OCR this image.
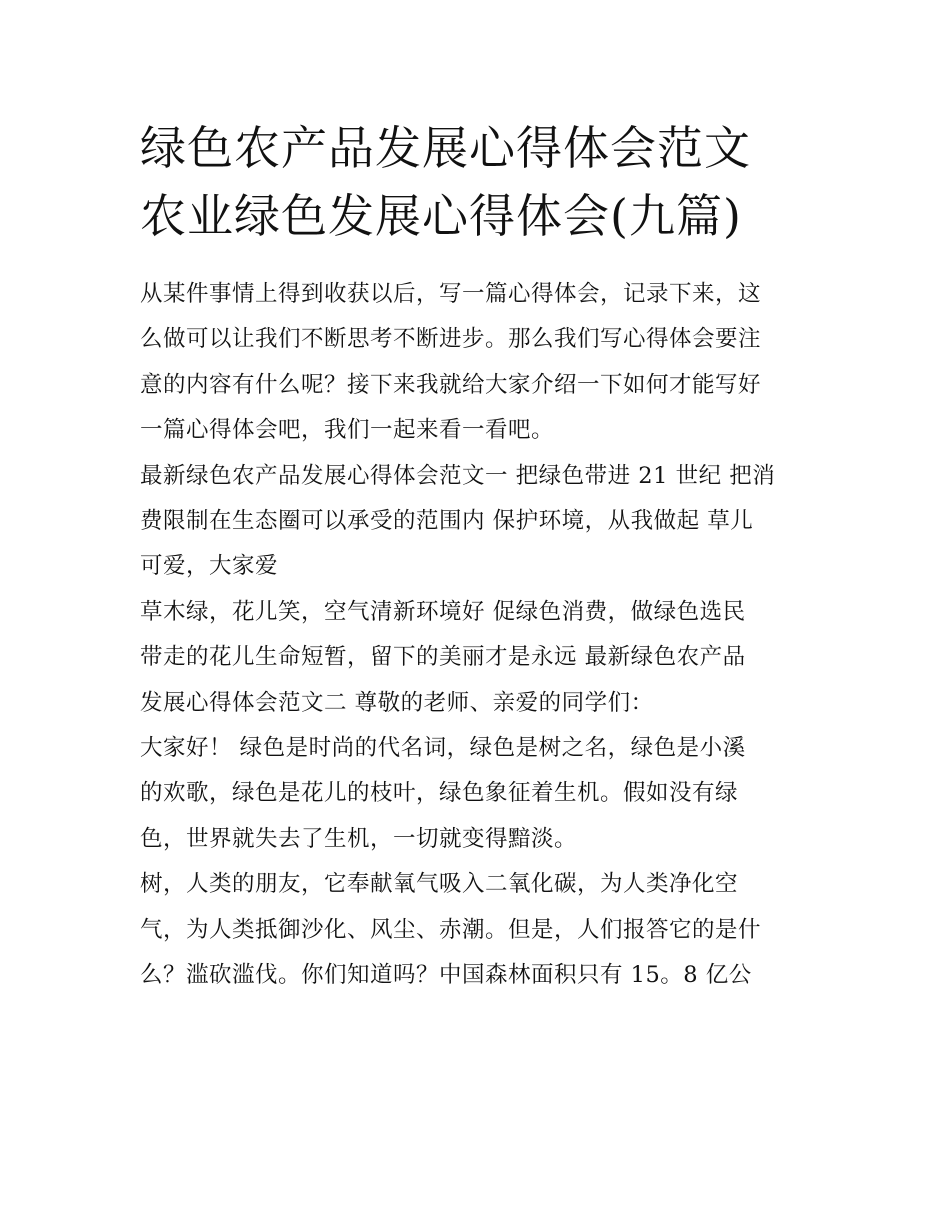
绿色农产品发展心得体会范文
农业绿色发展心得体会(九篇)

从某件事情上得到收获以后，写一篇心得体会，记录下来，这
么做可以让我们不断思考不断进步。那么我们写心得体会要注
意的内容有什么呢？接下来我就给大家介绍一下如何才能写好
一篇心得体会吧，我们一起来看一看吧。

最新绿色农产品发展心得体会范文一 把绿色带进 21 世纪 把消
费限制在生态圈可以承受的范围内 保护环境，从我做起 草儿
可爱，大家爱

草木绿，花儿笑，空气清新环境好 促绿色消费，做绿色选民
带走的花儿生命短暂，留下的美丽才是永远 最新绿色农产品
发展心得体会范文二 尊敬的老师、亲爱的同学们：

大家好！ 绿色是时尚的代名词，绿色是树之名，绿色是小溪
的欢歌，绿色是花儿的枝叶，绿色象征着生机。假如没有绿
色，世界就失去了生机，一切就变得黯淡。

树，人类的朋友，它奉献氧气吸入二氧化碳，为人类净化空
气，为人类抵御沙化、风尘、赤潮。但是，人们报答它的是什
么？滥砍滥伐。你们知道吗？中国森林面积只有 15。8 亿公
